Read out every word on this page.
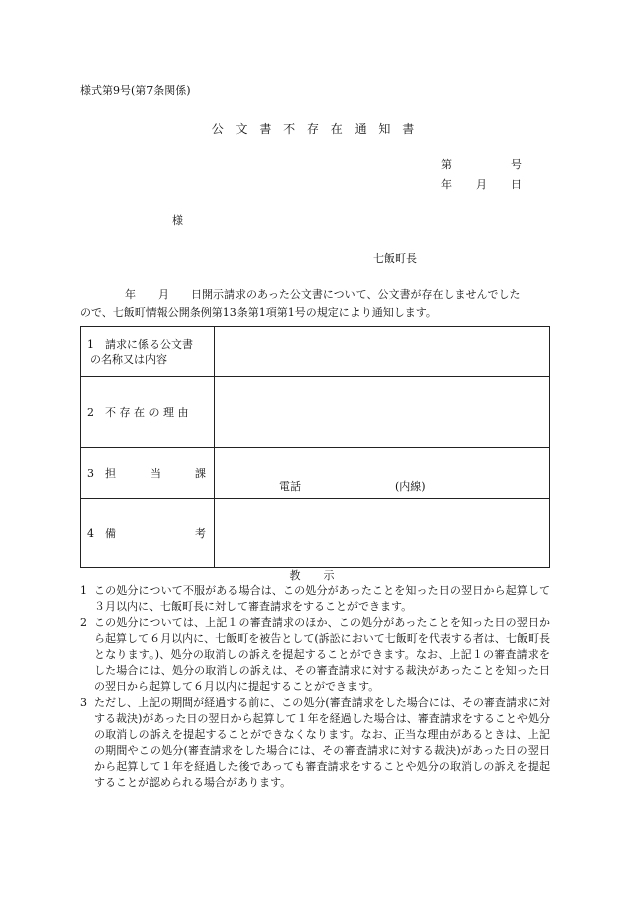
様式第9号(第7条関係)
公 文 書 不 存 在 通 知 書
第	号
年 月 日
様
七飯町長

年　　月　　日開示請求のあった公文書について、公文書が存在しませんでした

ので、七飯町情報公開条例第13条第1項第1号の規定により通知します。

1　請求に係る公文書
の名称又は内容	

2　不 存 在 の 理 由	

3　担 当 課	電話 (内線)

4　備 考	

教　示
1 この処分について不服がある場合は、この処分があったことを知った日の翌日から起算して３月以内に、七飯町長に対して審査請求をすることができます。
2 この処分については、上記１の審査請求のほか、この処分があったことを知った日の翌日から起算して６月以内に、七飯町を被告として(訴訟において七飯町を代表する者は、七飯町長となります。)、処分の取消しの訴えを提起することができます。なお、上記１の審査請求をした場合には、処分の取消しの訴えは、その審査請求に対する裁決があったことを知った日の翌日から起算して６月以内に提起することができます。
3 ただし、上記の期間が経過する前に、この処分(審査請求をした場合には、その審査請求に対する裁決)があった日の翌日から起算して１年を経過した場合は、審査請求をすることや処分の取消しの訴えを提起することができなくなります。なお、正当な理由があるときは、上記の期間やこの処分(審査請求をした場合には、その審査請求に対する裁決)があった日の翌日から起算して１年を経過した後であっても審査請求をすることや処分の取消しの訴えを提起することが認められる場合があります。
